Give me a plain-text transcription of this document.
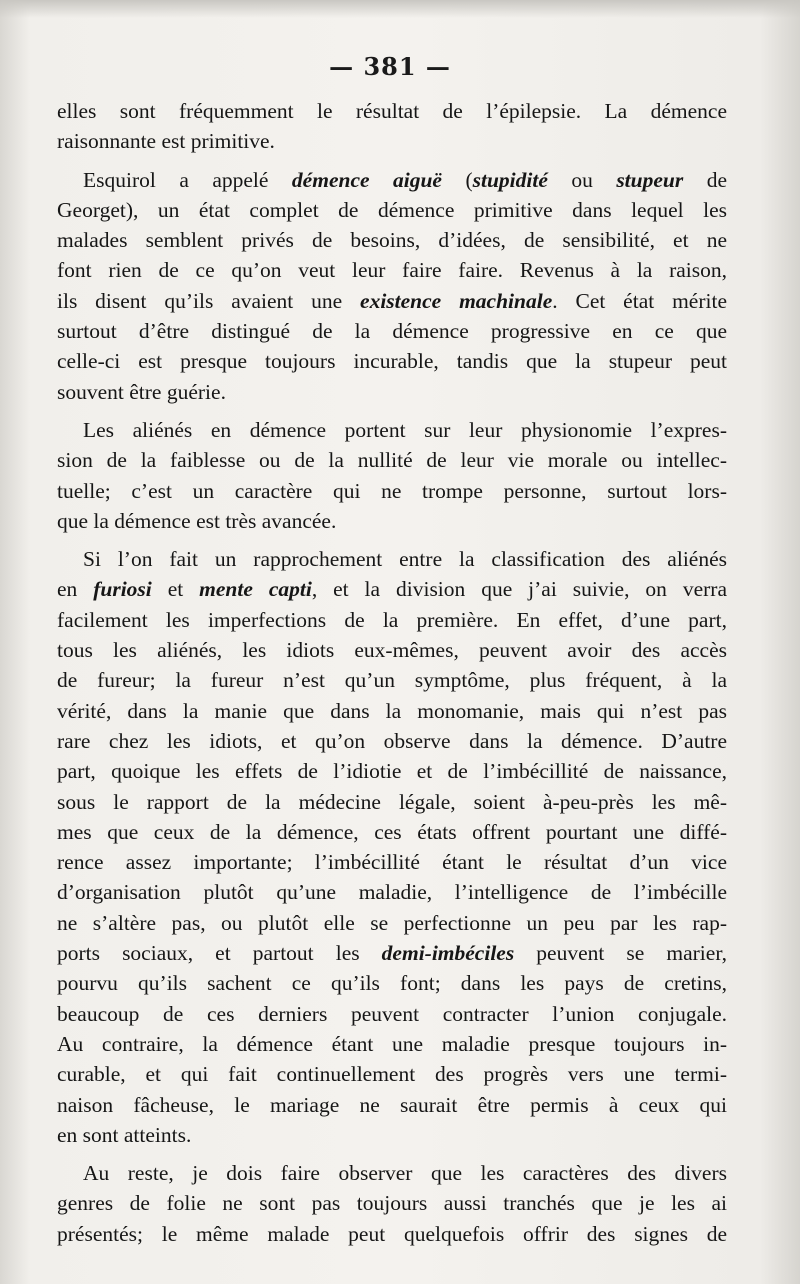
— 381 —
elles sont fréquemment le résultat de l’épilepsie. La démence
raisonnante est primitive.
Esquirol a appelé démence aiguë (stupidité ou stupeur de
Georget), un état complet de démence primitive dans lequel les
malades semblent privés de besoins, d’idées, de sensibilité, et ne
font rien de ce qu’on veut leur faire faire. Revenus à la raison,
ils disent qu’ils avaient une existence machinale. Cet état mérite
surtout d’être distingué de la démence progressive en ce que
celle-ci est presque toujours incurable, tandis que la stupeur peut
souvent être guérie.
Les aliénés en démence portent sur leur physionomie l’expres-
sion de la faiblesse ou de la nullité de leur vie morale ou intellec-
tuelle; c’est un caractère qui ne trompe personne, surtout lors-
que la démence est très avancée.
Si l’on fait un rapprochement entre la classification des aliénés
en furiosi et mente capti, et la division que j’ai suivie, on verra
facilement les imperfections de la première. En effet, d’une part,
tous les aliénés, les idiots eux-mêmes, peuvent avoir des accès
de fureur; la fureur n’est qu’un symptôme, plus fréquent, à la
vérité, dans la manie que dans la monomanie, mais qui n’est pas
rare chez les idiots, et qu’on observe dans la démence. D’autre
part, quoique les effets de l’idiotie et de l’imbécillité de naissance,
sous le rapport de la médecine légale, soient à-peu-près les mê-
mes que ceux de la démence, ces états offrent pourtant une diffé-
rence assez importante; l’imbécillité étant le résultat d’un vice
d’organisation plutôt qu’une maladie, l’intelligence de l’imbécille
ne s’altère pas, ou plutôt elle se perfectionne un peu par les rap-
ports sociaux, et partout les demi-imbéciles peuvent se marier,
pourvu qu’ils sachent ce qu’ils font; dans les pays de cretins,
beaucoup de ces derniers peuvent contracter l’union conjugale.
Au contraire, la démence étant une maladie presque toujours in-
curable, et qui fait continuellement des progrès vers une termi-
naison fâcheuse, le mariage ne saurait être permis à ceux qui
en sont atteints.
Au reste, je dois faire observer que les caractères des divers
genres de folie ne sont pas toujours aussi tranchés que je les ai
présentés; le même malade peut quelquefois offrir des signes de
